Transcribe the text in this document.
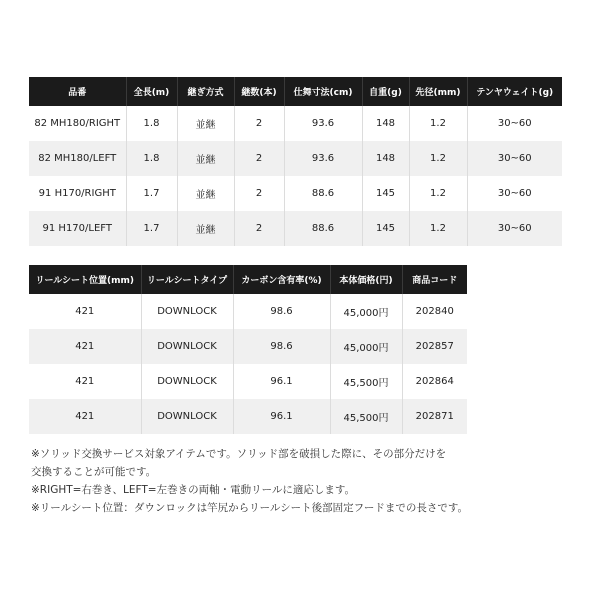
品番	全長(m)	継ぎ方式	継数(本)	仕舞寸法(cm)	自重(g)	先径(mm)	テンヤウェイト(g)
82 MH180/RIGHT	1.8	並継	2	93.6	148	1.2	30~60
82 MH180/LEFT	1.8	並継	2	93.6	148	1.2	30~60
91 H170/RIGHT	1.7	並継	2	88.6	145	1.2	30~60
91 H170/LEFT	1.7	並継	2	88.6	145	1.2	30~60
リールシート位置(mm)	リールシートタイプ	カーボン含有率(%)	本体価格(円)	商品コード
421	DOWNLOCK	98.6	45,000円	202840
421	DOWNLOCK	98.6	45,000円	202857
421	DOWNLOCK	96.1	45,500円	202864
421	DOWNLOCK	96.1	45,500円	202871

※ソリッド交換サービス対象アイテムです。ソリッド部を破損した際に、その部分だけを

交換することが可能です。

※RIGHT=右巻き、LEFT=左巻きの両軸・電動リールに適応します。

※リールシート位置：ダウンロックは竿尻からリールシート後部固定フードまでの長さです。
